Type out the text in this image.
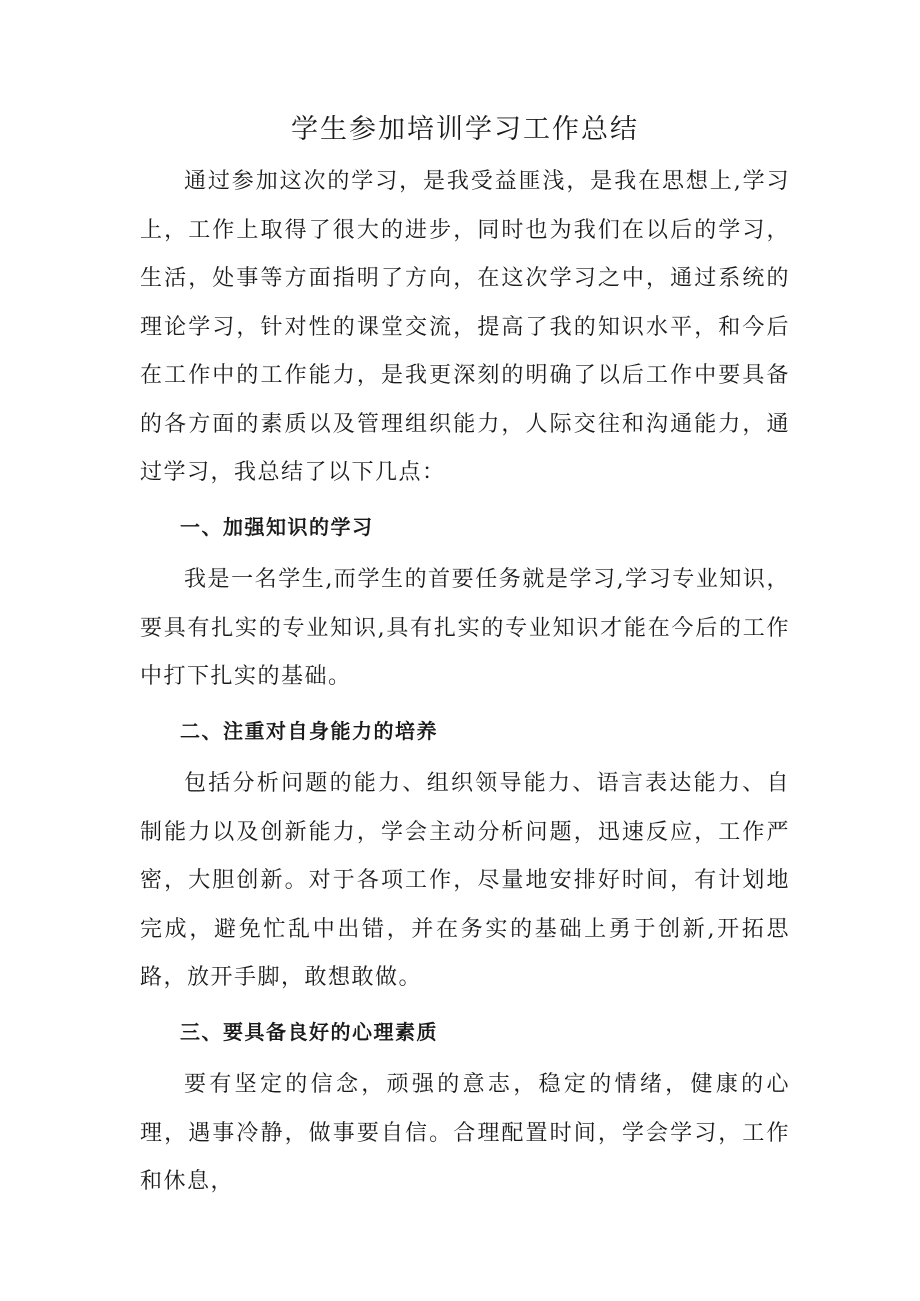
学生参加培训学习工作总结

通过参加这次的学习，是我受益匪浅，是我在思想上,学习上，工作上取得了很大的进步，同时也为我们在以后的学习，生活，处事等方面指明了方向，在这次学习之中，通过系统的理论学习，针对性的课堂交流，提高了我的知识水平，和今后在工作中的工作能力，是我更深刻的明确了以后工作中要具备的各方面的素质以及管理组织能力，人际交往和沟通能力，通过学习，我总结了以下几点：

一、加强知识的学习

我是一名学生,而学生的首要任务就是学习,学习专业知识，要具有扎实的专业知识,具有扎实的专业知识才能在今后的工作中打下扎实的基础。

二、注重对自身能力的培养

包括分析问题的能力、组织领导能力、语言表达能力、自制能力以及创新能力，学会主动分析问题，迅速反应，工作严密，大胆创新。对于各项工作，尽量地安排好时间，有计划地完成，避免忙乱中出错，并在务实的基础上勇于创新,开拓思路，放开手脚，敢想敢做。

三、要具备良好的心理素质

要有坚定的信念，顽强的意志，稳定的情绪，健康的心理，遇事冷静，做事要自信。合理配置时间，学会学习，工作和休息，
